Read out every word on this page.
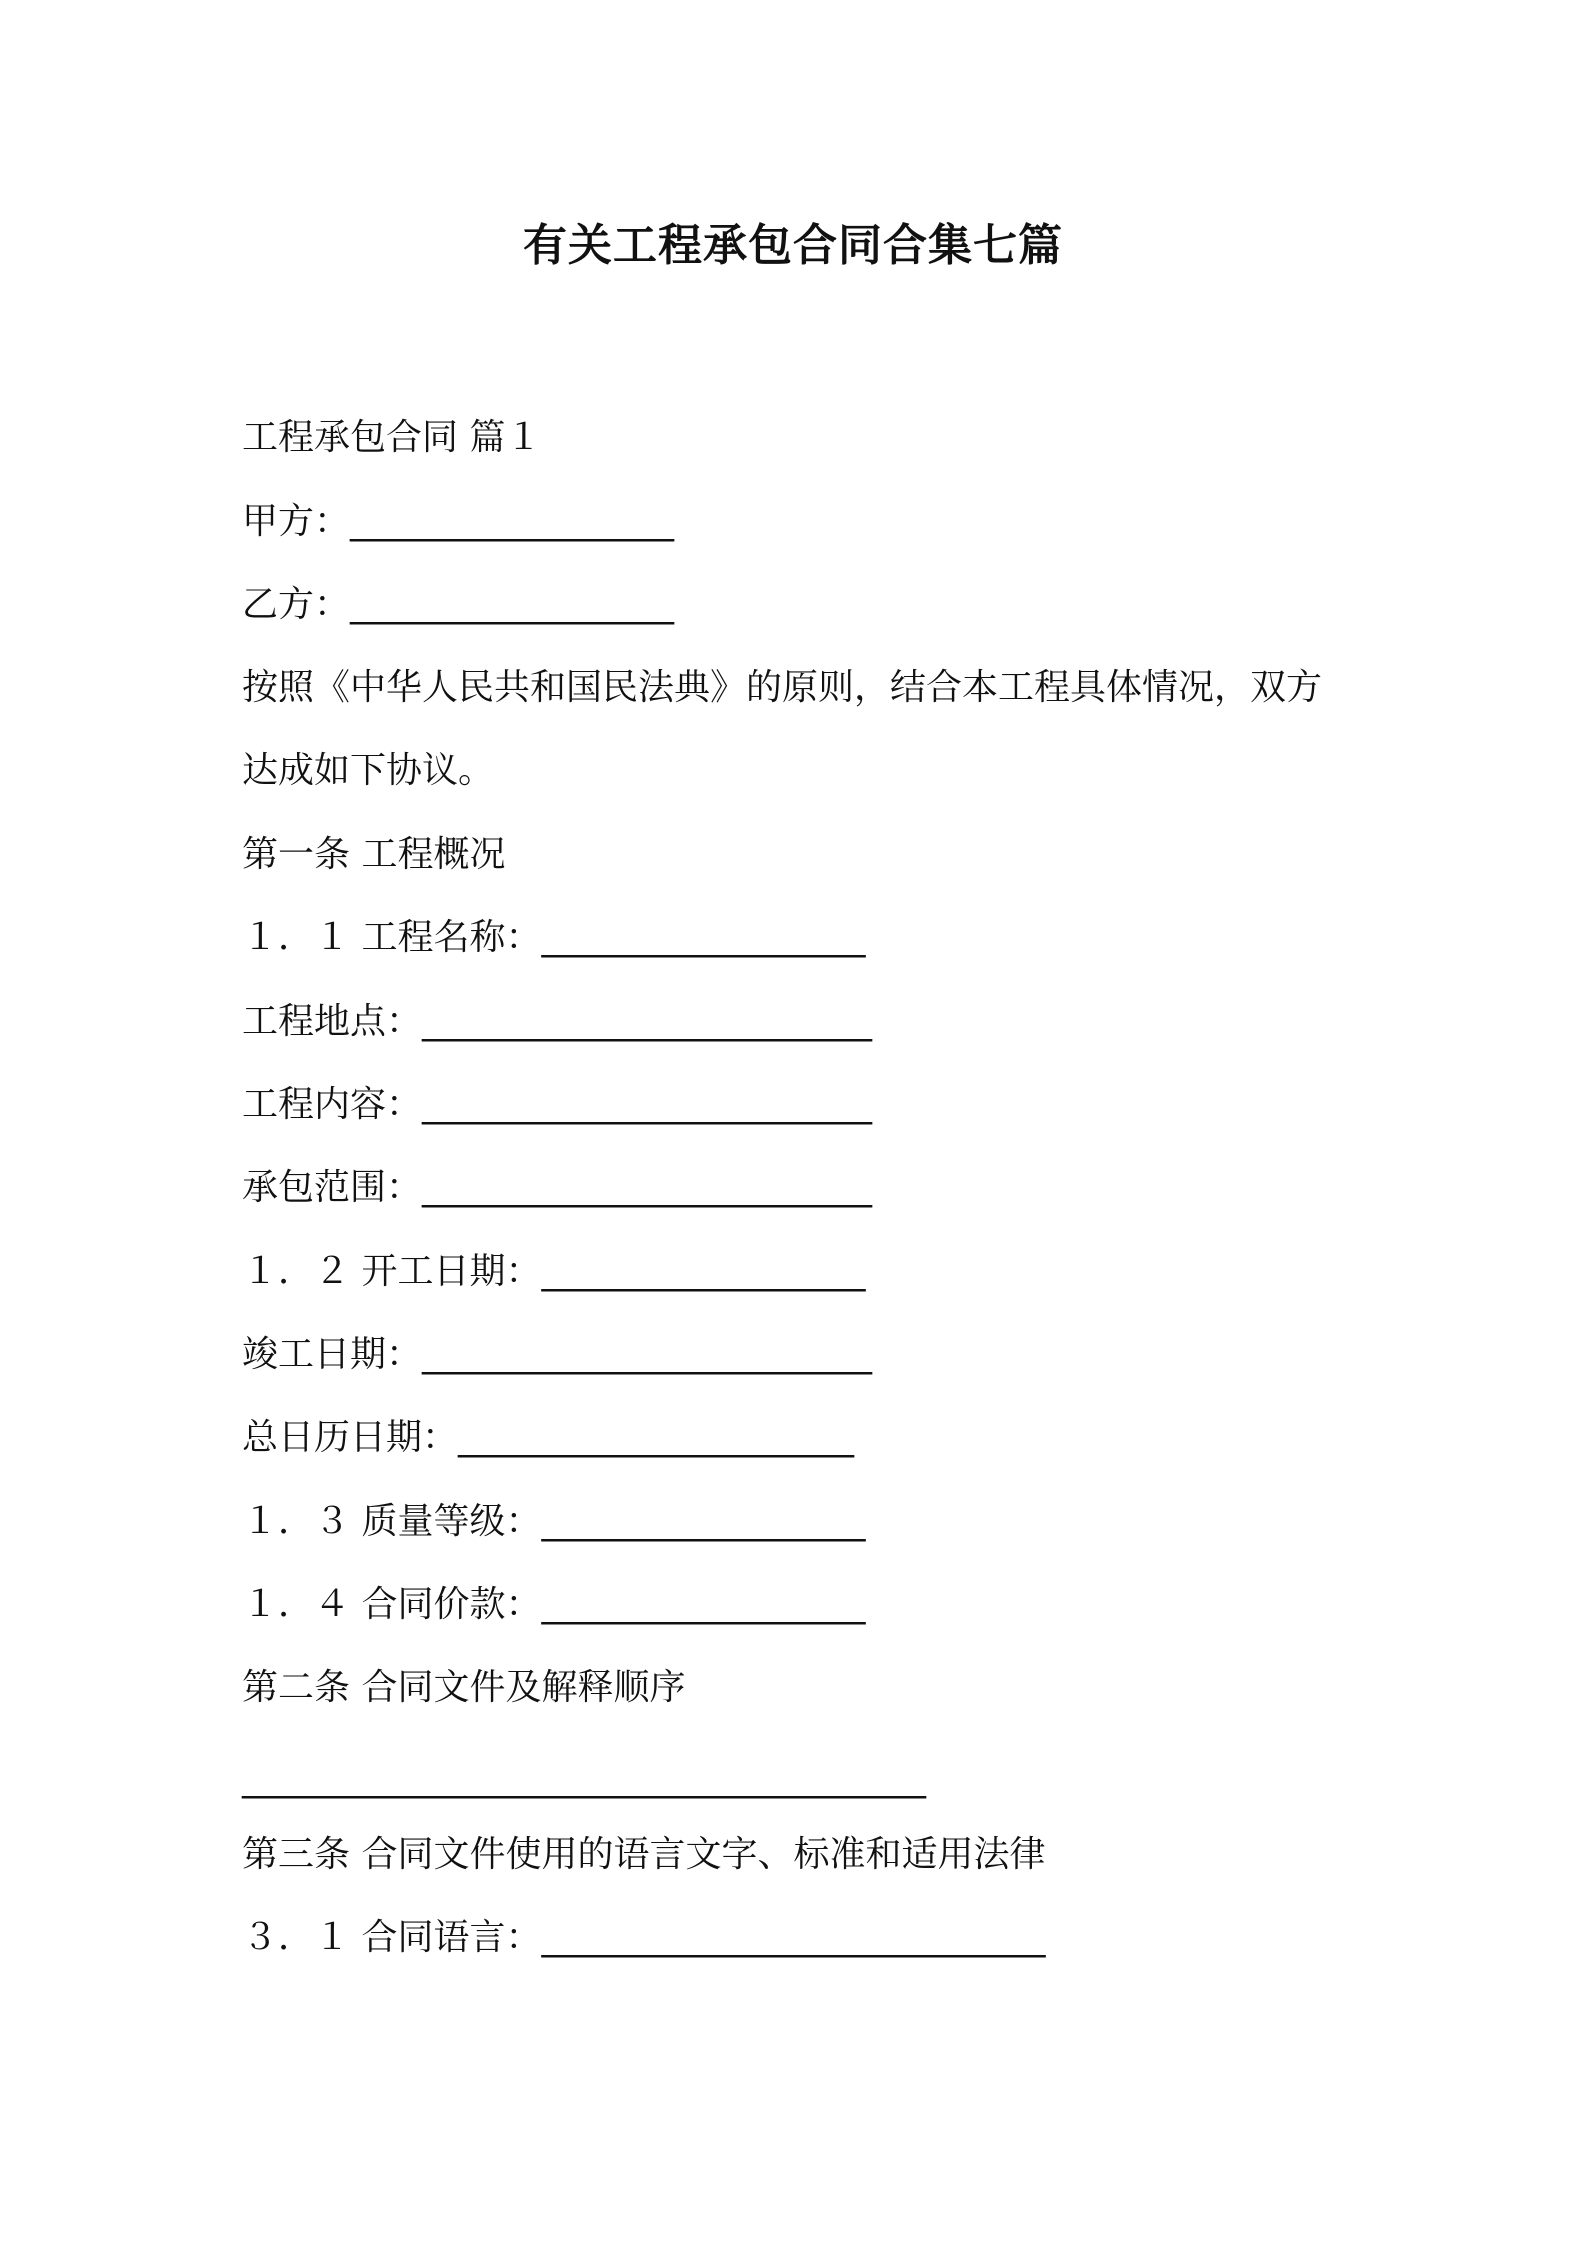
有关工程承包合同合集七篇
工程承包合同 篇１
甲方：__________________
乙方：__________________
按照《中华人民共和国民法典》的原则，结合本工程具体情况，双方
达成如下协议。
第一条 工程概况
１．１ 工程名称：__________________
工程地点：_________________________
工程内容：_________________________
承包范围：_________________________
１．２ 开工日期：__________________
竣工日期：_________________________
总日历日期：______________________
１．３ 质量等级：__________________
１．４ 合同价款：__________________
第二条 合同文件及解释顺序
______________________________________
第三条 合同文件使用的语言文字、标准和适用法律
３．１ 合同语言：____________________________
